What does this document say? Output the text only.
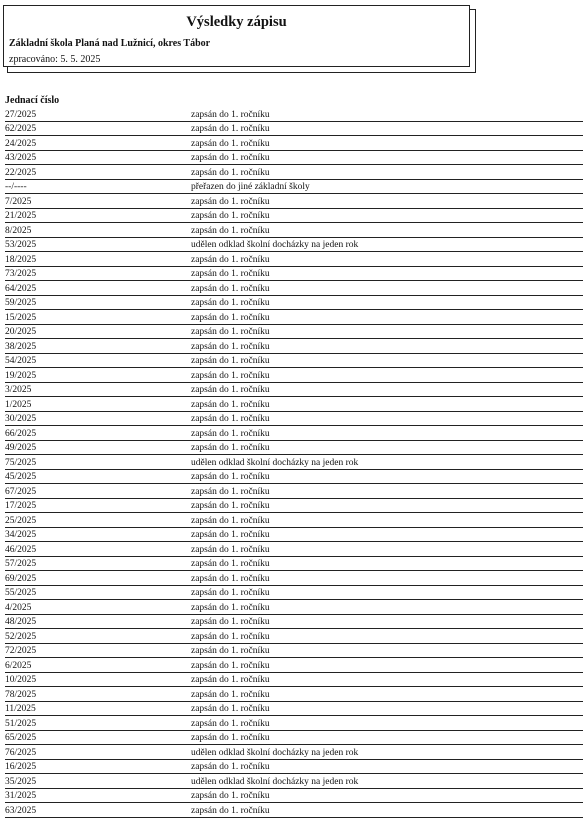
Výsledky zápisu
Základní škola Planá nad Lužnicí, okres Tábor
zpracováno: 5. 5. 2025
Jednací číslo
27/2025	zapsán do 1. ročníku
62/2025	zapsán do 1. ročníku
24/2025	zapsán do 1. ročníku
43/2025	zapsán do 1. ročníku
22/2025	zapsán do 1. ročníku
--/----	přeřazen do jiné základní školy
7/2025	zapsán do 1. ročníku
21/2025	zapsán do 1. ročníku
8/2025	zapsán do 1. ročníku
53/2025	udělen odklad školní docházky na jeden rok
18/2025	zapsán do 1. ročníku
73/2025	zapsán do 1. ročníku
64/2025	zapsán do 1. ročníku
59/2025	zapsán do 1. ročníku
15/2025	zapsán do 1. ročníku
20/2025	zapsán do 1. ročníku
38/2025	zapsán do 1. ročníku
54/2025	zapsán do 1. ročníku
19/2025	zapsán do 1. ročníku
3/2025	zapsán do 1. ročníku
1/2025	zapsán do 1. ročníku
30/2025	zapsán do 1. ročníku
66/2025	zapsán do 1. ročníku
49/2025	zapsán do 1. ročníku
75/2025	udělen odklad školní docházky na jeden rok
45/2025	zapsán do 1. ročníku
67/2025	zapsán do 1. ročníku
17/2025	zapsán do 1. ročníku
25/2025	zapsán do 1. ročníku
34/2025	zapsán do 1. ročníku
46/2025	zapsán do 1. ročníku
57/2025	zapsán do 1. ročníku
69/2025	zapsán do 1. ročníku
55/2025	zapsán do 1. ročníku
4/2025	zapsán do 1. ročníku
48/2025	zapsán do 1. ročníku
52/2025	zapsán do 1. ročníku
72/2025	zapsán do 1. ročníku
6/2025	zapsán do 1. ročníku
10/2025	zapsán do 1. ročníku
78/2025	zapsán do 1. ročníku
11/2025	zapsán do 1. ročníku
51/2025	zapsán do 1. ročníku
65/2025	zapsán do 1. ročníku
76/2025	udělen odklad školní docházky na jeden rok
16/2025	zapsán do 1. ročníku
35/2025	udělen odklad školní docházky na jeden rok
31/2025	zapsán do 1. ročníku
63/2025	zapsán do 1. ročníku
